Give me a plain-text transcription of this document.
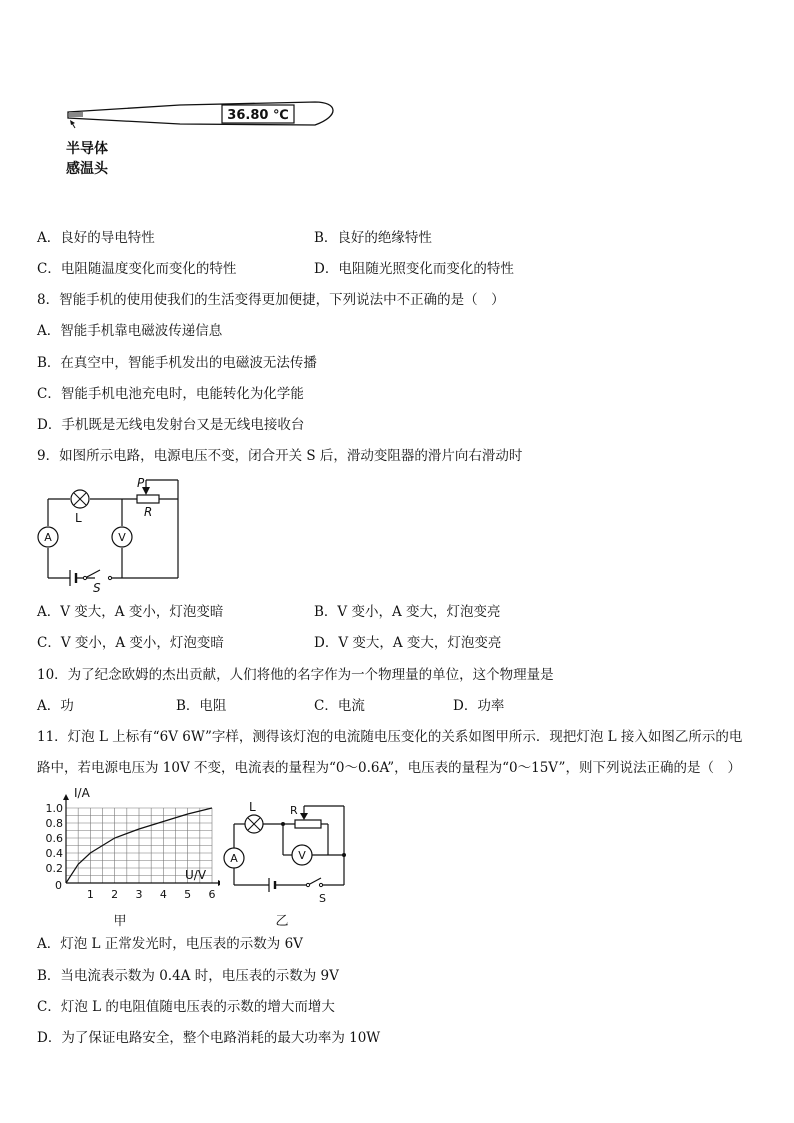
36.80 ℃
半导体
感温头
A．良好的导电特性	B．良好的绝缘特性
C．电阻随温度变化而变化的特性	D．电阻随光照变化而变化的特性
8．智能手机的使用使我们的生活变得更加便捷，下列说法中不正确的是（　）
A．智能手机靠电磁波传递信息
B．在真空中，智能手机发出的电磁波无法传播
C．智能手机电池充电时，电能转化为化学能
D．手机既是无线电发射台又是无线电接收台
9．如图所示电路，电源电压不变，闭合开关 S 后，滑动变阻器的滑片向右滑动时
L
P
R
A	V
S
A．V 变大，A 变小，灯泡变暗	B．V 变小，A 变大，灯泡变亮
C．V 变小，A 变小，灯泡变暗	D．V 变大，A 变大，灯泡变亮
10．为了纪念欧姆的杰出贡献，人们将他的名字作为一个物理量的单位，这个物理量是
A．功	B．电阻	C．电流	D．功率
11．灯泡 L 上标有“6V 6W”字样，测得该灯泡的电流随电压变化的关系如图甲所示．现把灯泡 L 接入如图乙所示的电
路中，若电源电压为 10V 不变，电流表的量程为“0～0.6A”，电压表的量程为“0～15V”，则下列说法正确的是（　）
1 2 3 4 5 6
0.2
0.4
0.6
0.8
1.0
I/A
U/V
0
甲
L	R
A	V
S
乙
A．灯泡 L 正常发光时，电压表的示数为 6V
B．当电流表示数为 0.4A 时，电压表的示数为 9V
C．灯泡 L 的电阻值随电压表的示数的增大而增大
D．为了保证电路安全，整个电路消耗的最大功率为 10W
